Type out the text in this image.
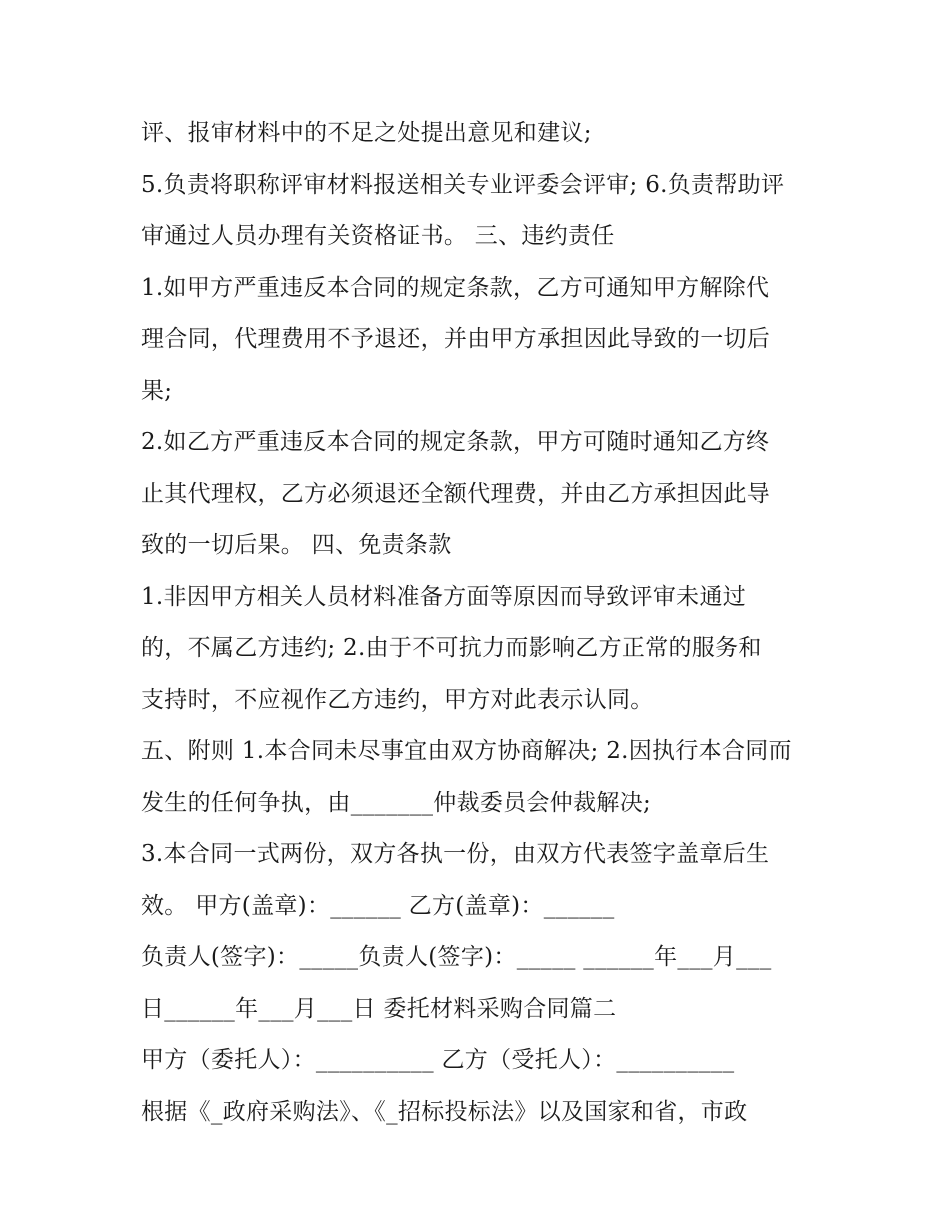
评、报审材料中的不足之处提出意见和建议;
5.负责将职称评审材料报送相关专业评委会评审; 6.负责帮助评
审通过人员办理有关资格证书。 三、违约责任
1.如甲方严重违反本合同的规定条款，乙方可通知甲方解除代
理合同，代理费用不予退还，并由甲方承担因此导致的一切后
果;
2.如乙方严重违反本合同的规定条款，甲方可随时通知乙方终
止其代理权，乙方必须退还全额代理费，并由乙方承担因此导
致的一切后果。 四、免责条款
1.非因甲方相关人员材料准备方面等原因而导致评审未通过
的，不属乙方违约; 2.由于不可抗力而影响乙方正常的服务和
支持时，不应视作乙方违约，甲方对此表示认同。
五、附则 1.本合同未尽事宜由双方协商解决; 2.因执行本合同而
发生的任何争执，由_______仲裁委员会仲裁解决;
3.本合同一式两份，双方各执一份，由双方代表签字盖章后生
效。 甲方(盖章)：______ 乙方(盖章)：______
负责人(签字)：_____负责人(签字)：_____ ______年___月___
日______年___月___日 委托材料采购合同篇二
甲方（委托人）：__________ 乙方（受托人）：__________
根据《_政府采购法》、《_招标投标法》以及国家和省，市政
